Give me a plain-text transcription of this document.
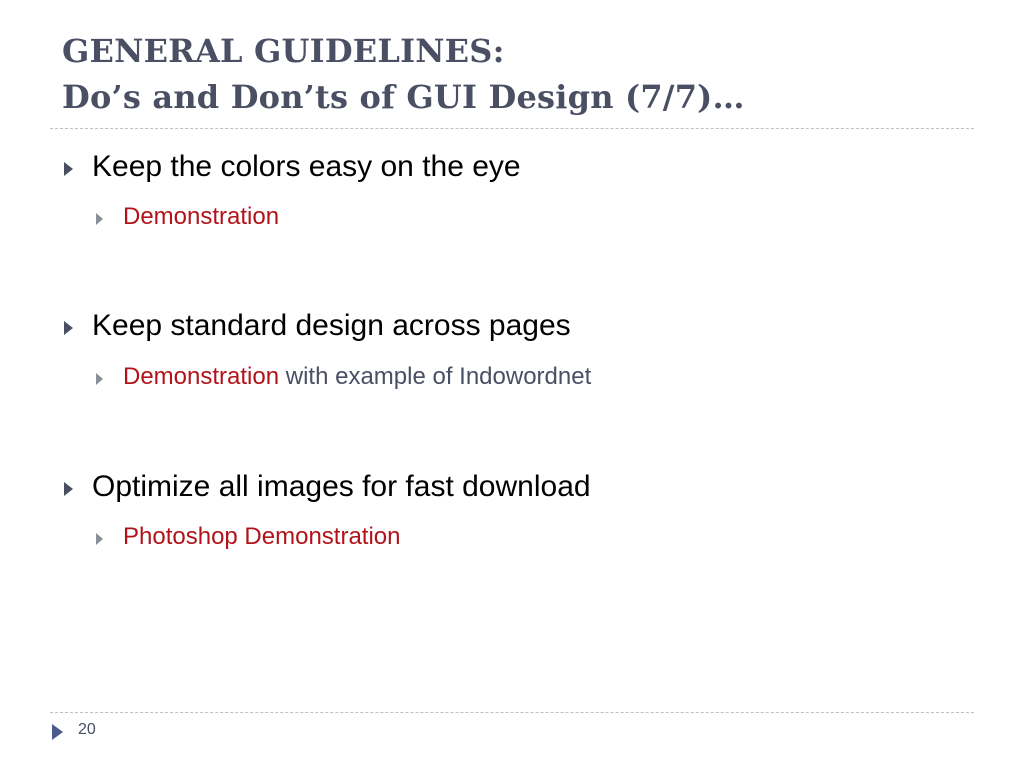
GENERAL GUIDELINES:
Do’s and Don’ts of GUI Design (7/7)…
Keep the colors easy on the eye
Demonstration
Keep standard design across pages
Demonstration with example of Indowordnet
Optimize all images for fast download
Photoshop Demonstration
20
